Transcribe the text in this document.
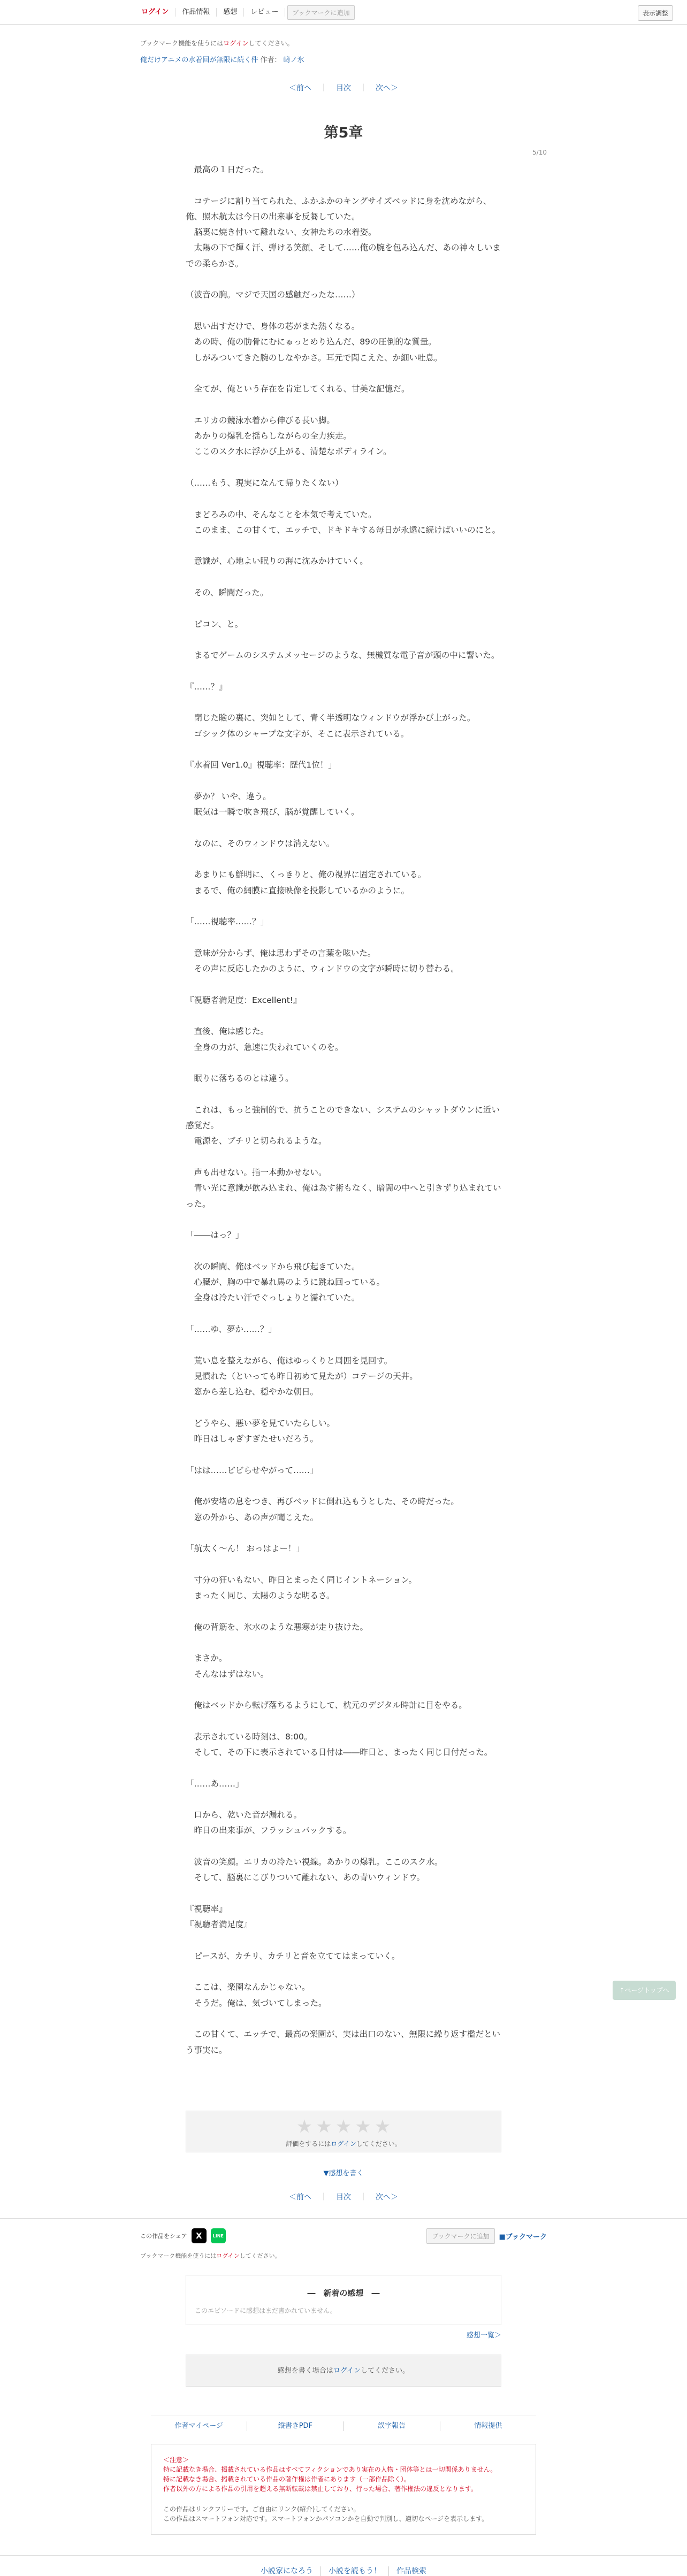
ログイン	作品情報	感想	レビュー	ブックマークに追加	表示調整
ブックマーク機能を使うにはログインしてください。
俺だけアニメの水着回が無限に続く件 作者： 﨑ノ氷
＜前へ ｜ 目次 ｜ 次へ＞
5/10
第5章
　最高の１日だった。
　コテージに割り当てられた、ふかふかのキングサイズベッドに身を沈めながら、
俺、照木航太は今日の出来事を反芻していた。
　脳裏に焼き付いて離れない、女神たちの水着姿。
　太陽の下で輝く汗、弾ける笑顔、そして……俺の腕を包み込んだ、あの神々しいまでの柔らかさ。
（波音の胸。マジで天国の感触だったな……）
　思い出すだけで、身体の芯がまた熱くなる。
　あの時、俺の肋骨にむにゅっとめり込んだ、89の圧倒的な質量。
　しがみついてきた腕のしなやかさ。耳元で聞こえた、か細い吐息。
　全てが、俺という存在を肯定してくれる、甘美な記憶だ。
　エリカの競泳水着から伸びる長い脚。
　あかりの爆乳を揺らしながらの全力疾走。
　ここのスク水に浮かび上がる、清楚なボディライン。
（……もう、現実になんて帰りたくない）
　まどろみの中、そんなことを本気で考えていた。
　このまま、この甘くて、エッチで、ドキドキする毎日が永遠に続けばいいのにと。
　意識が、心地よい眠りの海に沈みかけていく。
　その、瞬間だった。
　ピコン、と。
　まるでゲームのシステムメッセージのような、無機質な電子音が頭の中に響いた。
『……？』
　閉じた瞼の裏に、突如として、青く半透明なウィンドウが浮かび上がった。
　ゴシック体のシャープな文字が、そこに表示されている。
『水着回 Ver1.0』視聴率：歴代1位！」
　夢か？ いや、違う。
　眠気は一瞬で吹き飛び、脳が覚醒していく。
　なのに、そのウィンドウは消えない。
　あまりにも鮮明に、くっきりと、俺の視界に固定されている。
　まるで、俺の網膜に直接映像を投影しているかのように。
「……視聴率……？」
　意味が分からず、俺は思わずその言葉を呟いた。
　その声に反応したかのように、ウィンドウの文字が瞬時に切り替わる。
『視聴者満足度：Excellent!』
　直後、俺は感じた。
　全身の力が、急速に失われていくのを。
　眠りに落ちるのとは違う。
　これは、もっと強制的で、抗うことのできない、システムのシャットダウンに近い感覚だ。
　電源を、ブチリと切られるような。
　声も出せない。指一本動かせない。
　青い光に意識が飲み込まれ、俺は為す術もなく、暗闇の中へと引きずり込まれていった。
「――はっ？」
　次の瞬間、俺はベッドから飛び起きていた。
　心臓が、胸の中で暴れ馬のように跳ね回っている。
　全身は冷たい汗でぐっしょりと濡れていた。
「……ゆ、夢か……？」
　荒い息を整えながら、俺はゆっくりと周囲を見回す。
　見慣れた（といっても昨日初めて見たが）コテージの天井。
　窓から差し込む、穏やかな朝日。
　どうやら、悪い夢を見ていたらしい。
　昨日はしゃぎすぎたせいだろう。
「はは……ビビらせやがって……」
　俺が安堵の息をつき、再びベッドに倒れ込もうとした、その時だった。
　窓の外から、あの声が聞こえた。
「航太く～ん！ おっはよー！」
　寸分の狂いもない、昨日とまったく同じイントネーション。
　まったく同じ、太陽のような明るさ。
　俺の背筋を、氷水のような悪寒が走り抜けた。
　まさか。
　そんなはずはない。
　俺はベッドから転げ落ちるようにして、枕元のデジタル時計に目をやる。
　表示されている時刻は、8:00。
　そして、その下に表示されている日付は――昨日と、まったく同じ日付だった。
「……あ……」
　口から、乾いた音が漏れる。
　昨日の出来事が、フラッシュバックする。
　波音の笑顔。エリカの冷たい視線。あかりの爆乳。ここのスク水。
　そして、脳裏にこびりついて離れない、あの青いウィンドウ。
『視聴率』
『視聴者満足度』
　ピースが、カチリ、カチリと音を立ててはまっていく。
　ここは、楽園なんかじゃない。
　そうだ。俺は、気づいてしまった。
　この甘くて、エッチで、最高の楽園が、実は出口のない、無限に繰り返す檻だという事実に。
★ ★ ★ ★ ★
評価をするにはログインしてください。
▼感想を書く
＜前へ ｜ 目次 ｜ 次へ＞
この作品をシェア	X	LINE	ブックマークに追加	■ブックマーク
ブックマーク機能を使うにはログインしてください。
―　新着の感想　―
このエピソードに感想はまだ書かれていません。
感想一覧＞
感想を書く場合はログインしてください。
作者マイページ	縦書きPDF	誤字報告	情報提供
＜注意＞
特に記載なき場合、掲載されている作品はすべてフィクションであり実在の人物・団体等とは一切関係ありません。
特に記載なき場合、掲載されている作品の著作権は作者にあります（一部作品除く）。
作者以外の方による作品の引用を超える無断転載は禁止しており、行った場合、著作権法の違反となります。
この作品はリンクフリーです。ご自由にリンク(紹介)してください。
この作品はスマートフォン対応です。スマートフォンかパソコンかを自動で判別し、適切なページを表示します。
小説家になろう	小説を読もう！	作品検索
↑ページトップへ
